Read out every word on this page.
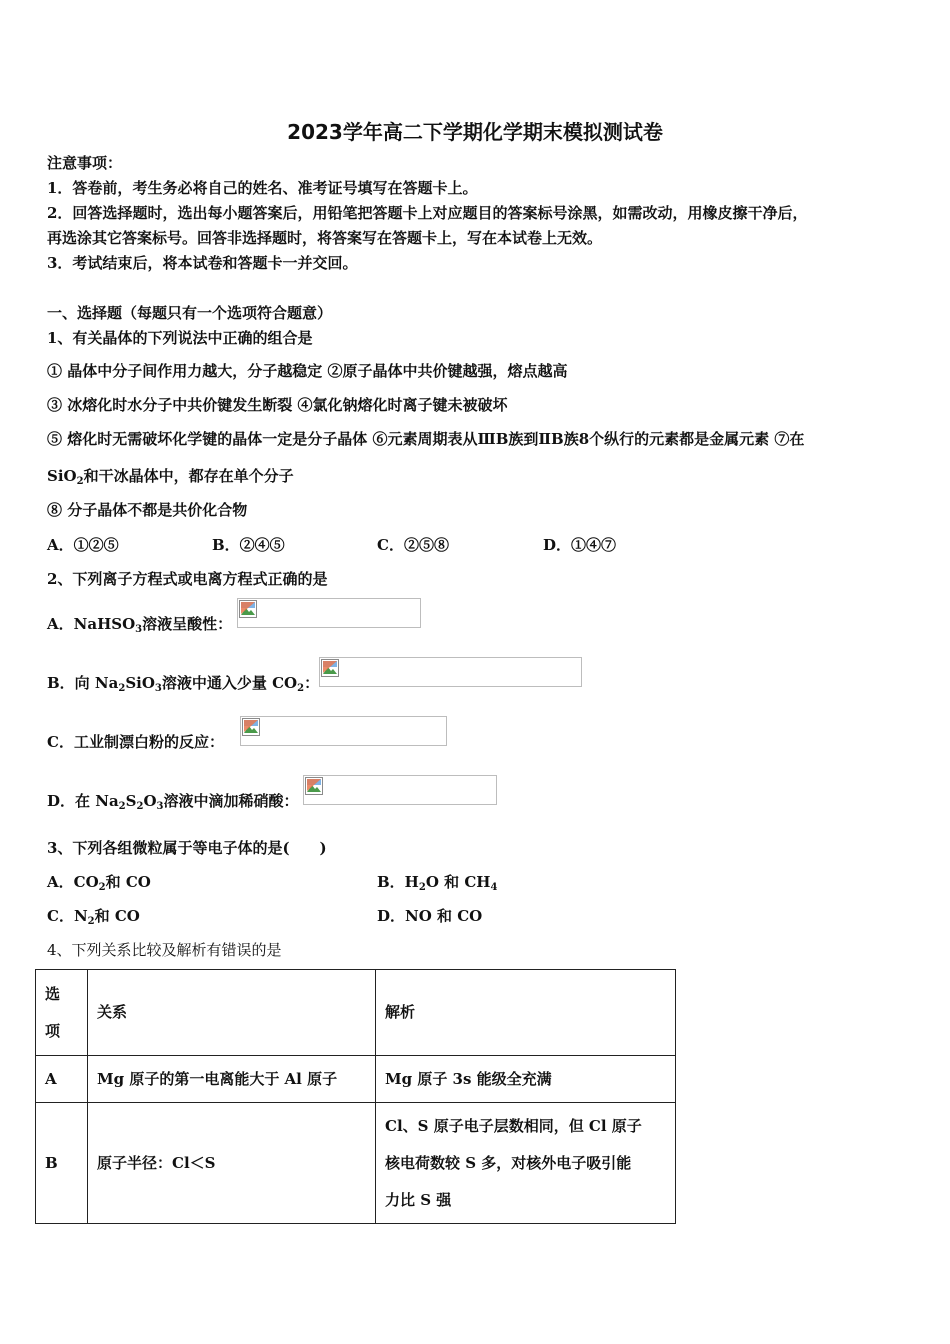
2023学年高二下学期化学期末模拟测试卷
注意事项：
1．答卷前，考生务必将自己的姓名、准考证号填写在答题卡上。
2．回答选择题时，选出每小题答案后，用铅笔把答题卡上对应题目的答案标号涂黑，如需改动，用橡皮擦干净后，
再选涂其它答案标号。回答非选择题时，将答案写在答题卡上，写在本试卷上无效。
3．考试结束后，将本试卷和答题卡一并交回。
一、选择题（每题只有一个选项符合题意）
1、有关晶体的下列说法中正确的组合是
① 晶体中分子间作用力越大，分子越稳定 ②原子晶体中共价键越强，熔点越高
③ 冰熔化时水分子中共价键发生断裂 ④氯化钠熔化时离子键未被破坏
⑤ 熔化时无需破坏化学键的晶体一定是分子晶体 ⑥元素周期表从ⅢB族到ⅡB族8个纵行的元素都是金属元素 ⑦在
SiO$_2$和干冰晶体中，都存在单个分子
⑧ 分子晶体不都是共价化合物
A．①②⑤	B．②④⑤	C．②⑤⑧	D．①④⑦
2、下列离子方程式或电离方程式正确的是
A．NaHSO$_3$溶液呈酸性：
B．向 $Na_2SiO_3$溶液中通入少量 $CO_2$：
C．工业制漂白粉的反应：
D．在 $Na_2S_2O_3$溶液中滴加稀硝酸：
3、下列各组微粒属于等电子体的是(　　)
A．$CO_2$和 CO	B．$H_2O$ 和 $CH_4$
C．$N_2$和 CO	D．NO 和 CO
4、下列关系比较及解析有错误的是
选
项	关系	解析
A	Mg 原子的第一电离能大于 Al 原子	Mg 原子 3s 能级全充满
B	原子半径：Cl＜S	Cl、S 原子电子层数相同，但 Cl 原子
核电荷数较 S 多，对核外电子吸引能
力比 S 强
